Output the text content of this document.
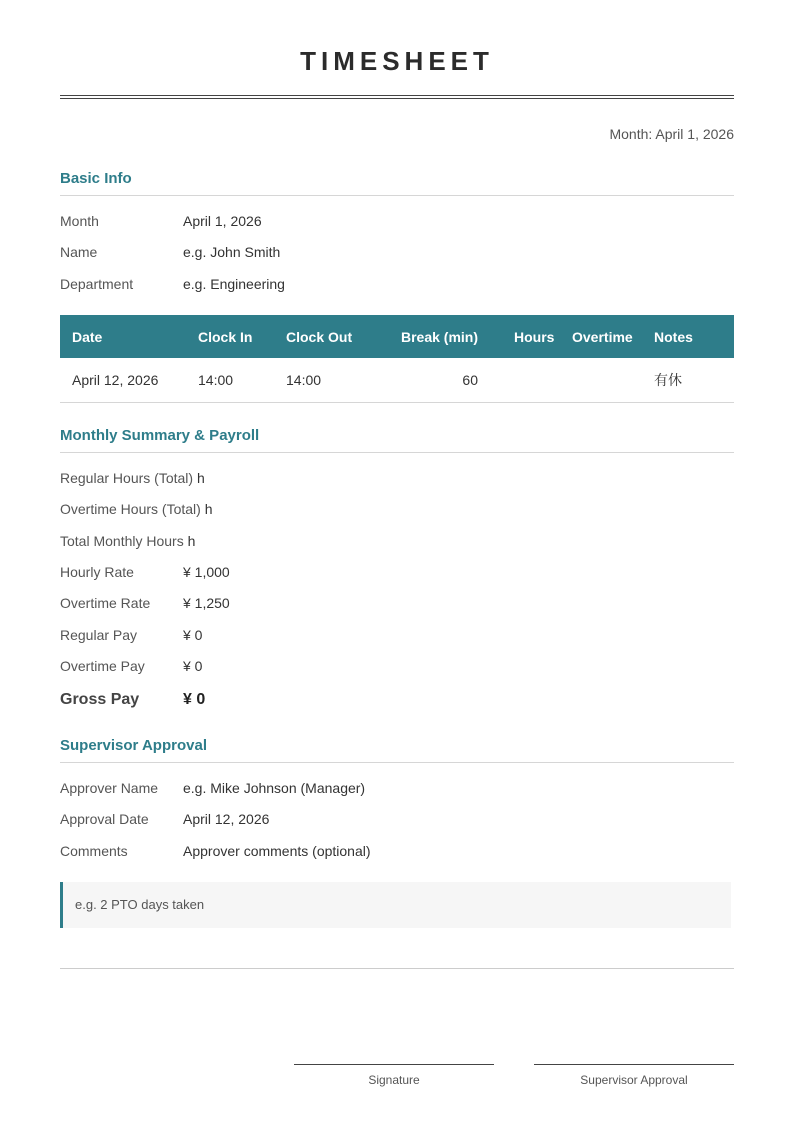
TIMESHEET
Month: April 1, 2026
Basic Info
Month	April 1, 2026
Name	e.g. John Smith
Department	e.g. Engineering
Date	Clock In	Clock Out	Break (min)	Hours	Overtime	Notes
April 12, 2026	14:00	14:00	60			有休
Monthly Summary & Payroll
Regular Hours (Total) h
Overtime Hours (Total) h
Total Monthly Hours h
Hourly Rate	¥ 1,000
Overtime Rate ¥ 1,250
Regular Pay	¥ 0
Overtime Pay	¥ 0
Gross Pay	¥ 0
Supervisor Approval
Approver Name e.g. Mike Johnson (Manager)
Approval Date April 12, 2026
Comments	Approver comments (optional)
e.g. 2 PTO days taken
Signature	Supervisor Approval
